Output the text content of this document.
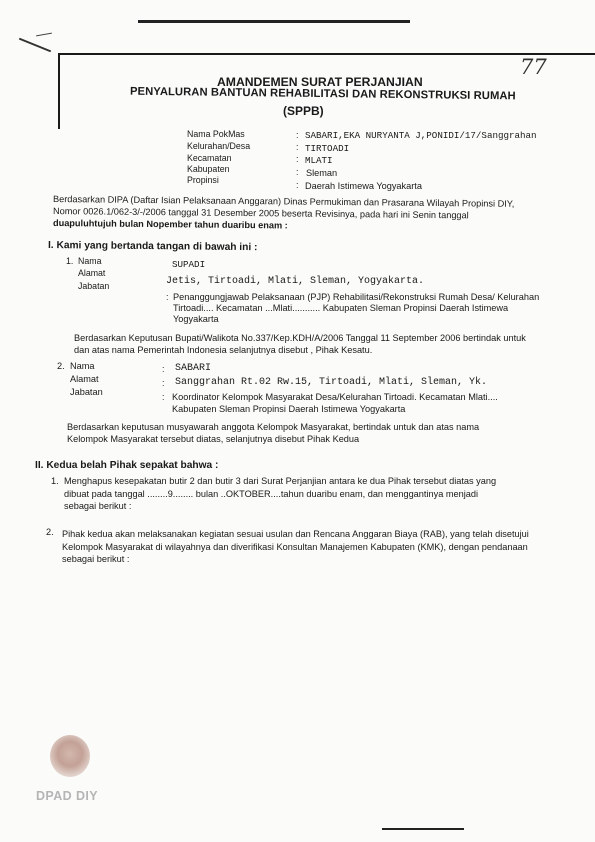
77
AMANDEMEN SURAT PERJANJIAN
PENYALURAN BANTUAN REHABILITASI DAN REKONSTRUKSI RUMAH
(SPPB)
Nama PokMas
Kelurahan/Desa
Kecamatan
Kabupaten
Propinsi
:
:
:
:
:
SABARI,EKA NURYANTA J,PONIDI/17/Sanggrahan
TIRTOADI
MLATI
Sleman
Daerah Istimewa Yogyakarta
Berdasarkan DIPA (Daftar Isian Pelaksanaan Anggaran) Dinas Permukiman dan Prasarana Wilayah Propinsi DIY,
Nomor 0026.1/062-3/-/2006 tanggal 31 Desember 2005 beserta Revisinya, pada hari ini Senin tanggal
duapuluhtujuh bulan Nopember tahun duaribu enam :
I. Kami yang bertanda tangan di bawah ini :
1. Nama
Alamat
Jabatan
SUPADI
Jetis, Tirtoadi, Mlati, Sleman, Yogyakarta.
: Penanggungjawab Pelaksanaan (PJP) Rehabilitasi/Rekonstruksi Rumah Desa/ Kelurahan
Tirtoadi.... Kecamatan ...Mlati........... Kabupaten Sleman Propinsi Daerah Istimewa
Yogyakarta
Berdasarkan Keputusan Bupati/Walikota No.337/Kep.KDH/A/2006 Tanggal 11 September 2006 bertindak untuk
dan atas nama Pemerintah Indonesia selanjutnya disebut , Pihak Kesatu.
2. Nama
Alamat
Jabatan
:
:
:
SABARI
Sanggrahan Rt.02 Rw.15, Tirtoadi, Mlati, Sleman, Yk.
Koordinator Kelompok Masyarakat Desa/Kelurahan Tirtoadi. Kecamatan Mlati....
Kabupaten Sleman Propinsi Daerah Istimewa Yogyakarta
Berdasarkan keputusan musyawarah anggota Kelompok Masyarakat, bertindak untuk dan atas nama
Kelompok Masyarakat tersebut diatas, selanjutnya disebut Pihak Kedua
II. Kedua belah Pihak sepakat bahwa :
1. Menghapus kesepakatan butir 2 dan butir 3 dari Surat Perjanjian antara ke dua Pihak tersebut diatas yang
dibuat pada tanggal ........9........ bulan ..OKTOBER....tahun duaribu enam, dan menggantinya menjadi
sebagai berikut :
2. Pihak kedua akan melaksanakan kegiatan sesuai usulan dan Rencana Anggaran Biaya (RAB), yang telah disetujui
Kelompok Masyarakat di wilayahnya dan diverifikasi Konsultan Manajemen Kabupaten (KMK), dengan pendanaan
sebagai berikut :
DPAD DIY
